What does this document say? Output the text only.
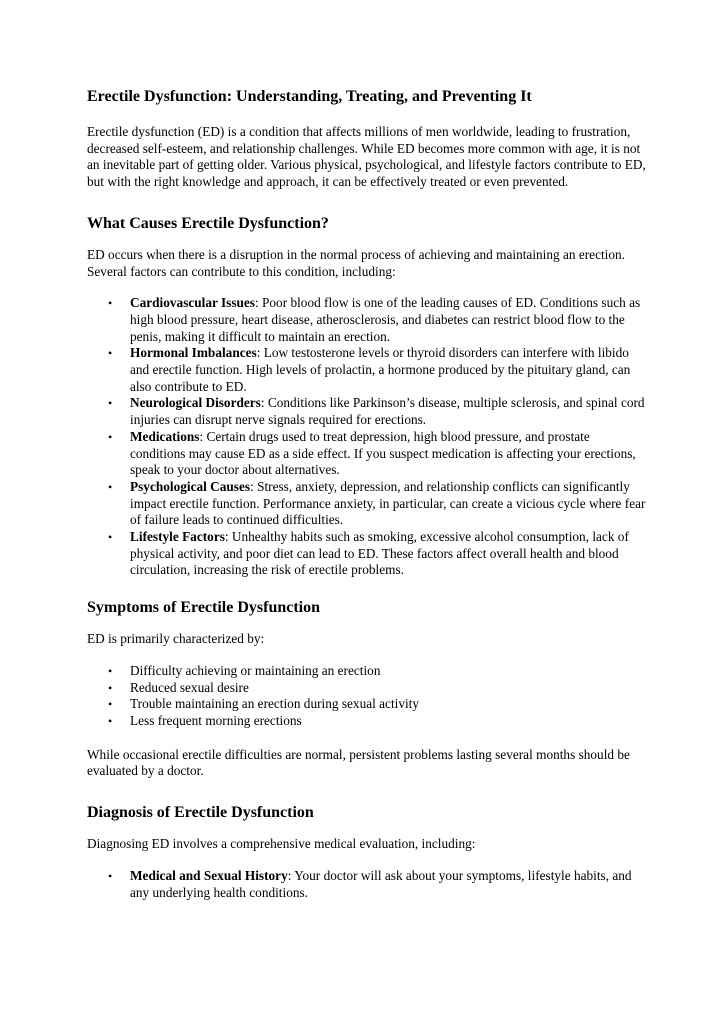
Erectile Dysfunction: Understanding, Treating, and Preventing It

Erectile dysfunction (ED) is a condition that affects millions of men worldwide, leading to frustration, decreased self-esteem, and relationship challenges. While ED becomes more common with age, it is not an inevitable part of getting older. Various physical, psychological, and lifestyle factors contribute to ED, but with the right knowledge and approach, it can be effectively treated or even prevented.

What Causes Erectile Dysfunction?

ED occurs when there is a disruption in the normal process of achieving and maintaining an erection. Several factors can contribute to this condition, including:

• Cardiovascular Issues: Poor blood flow is one of the leading causes of ED. Conditions such as high blood pressure, heart disease, atherosclerosis, and diabetes can restrict blood flow to the penis, making it difficult to maintain an erection.
• Hormonal Imbalances: Low testosterone levels or thyroid disorders can interfere with libido and erectile function. High levels of prolactin, a hormone produced by the pituitary gland, can also contribute to ED.
• Neurological Disorders: Conditions like Parkinson’s disease, multiple sclerosis, and spinal cord injuries can disrupt nerve signals required for erections.
• Medications: Certain drugs used to treat depression, high blood pressure, and prostate conditions may cause ED as a side effect. If you suspect medication is affecting your erections, speak to your doctor about alternatives.
• Psychological Causes: Stress, anxiety, depression, and relationship conflicts can significantly impact erectile function. Performance anxiety, in particular, can create a vicious cycle where fear of failure leads to continued difficulties.
• Lifestyle Factors: Unhealthy habits such as smoking, excessive alcohol consumption, lack of physical activity, and poor diet can lead to ED. These factors affect overall health and blood circulation, increasing the risk of erectile problems.
Symptoms of Erectile Dysfunction

ED is primarily characterized by:

• Difficulty achieving or maintaining an erection
• Reduced sexual desire
• Trouble maintaining an erection during sexual activity
• Less frequent morning erections

While occasional erectile difficulties are normal, persistent problems lasting several months should be evaluated by a doctor.

Diagnosis of Erectile Dysfunction

Diagnosing ED involves a comprehensive medical evaluation, including:

• Medical and Sexual History: Your doctor will ask about your symptoms, lifestyle habits, and any underlying health conditions.
